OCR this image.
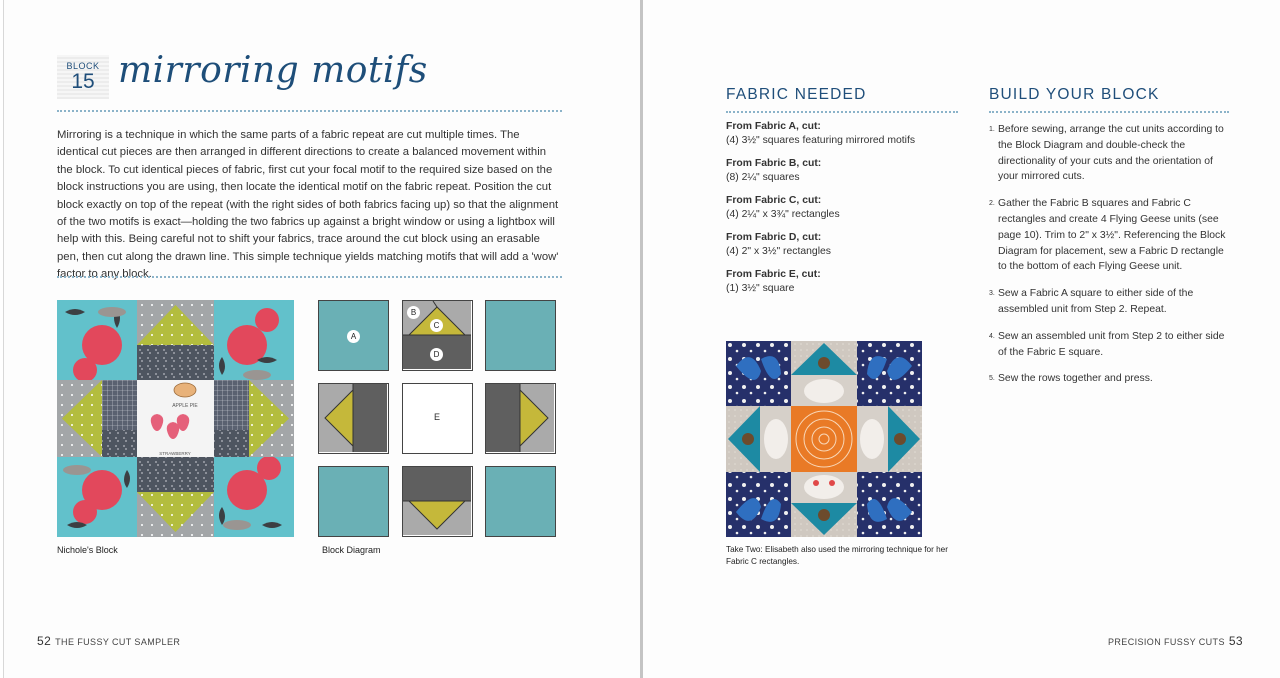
BLOCK
15 mirroring motifs
Mirroring is a technique in which the same parts of a fabric repeat are cut multiple times. The identical cut pieces are then arranged in different directions to create a balanced movement within the block. To cut identical pieces of fabric, first cut your focal motif to the required size based on the block instructions you are using, then locate the identical motif on the fabric repeat. Position the cut block exactly on top of the repeat (with the right sides of both fabrics facing up) so that the alignment of the two motifs is exact—holding the two fabrics up against a bright window or using a lightbox will help with this. Being careful not to shift your fabrics, trace around the cut block using an erasable pen, then cut along the drawn line. This simple technique yields matching motifs that will add a 'wow' factor to any block.
APPLE PIE
STRAWBERRY
Nichole's Block
A
B
C
D
E
Block Diagram
52 THE FUSSY CUT SAMPLER
FABRIC NEEDED
From Fabric A, cut:
(4) 3½" squares featuring mirrored motifs
From Fabric B, cut:
(8) 2¼" squares
From Fabric C, cut:
(4) 2¼" x 3¾" rectangles
From Fabric D, cut:
(4) 2" x 3½" rectangles
From Fabric E, cut:
(1) 3½" square
BUILD YOUR BLOCK
1. Before sewing, arrange the cut units according to the Block Diagram and double-check the directionality of your cuts and the orientation of your mirrored cuts.
2. Gather the Fabric B squares and Fabric C rectangles and create 4 Flying Geese units (see page 10). Trim to 2" x 3½". Referencing the Block Diagram for placement, sew a Fabric D rectangle to the bottom of each Flying Geese unit.
3. Sew a Fabric A square to either side of the assembled unit from Step 2. Repeat.
4. Sew an assembled unit from Step 2 to either side of the Fabric E square.
5. Sew the rows together and press.
Take Two: Elisabeth also used the mirroring technique for her Fabric C rectangles.
PRECISION FUSSY CUTS 53
